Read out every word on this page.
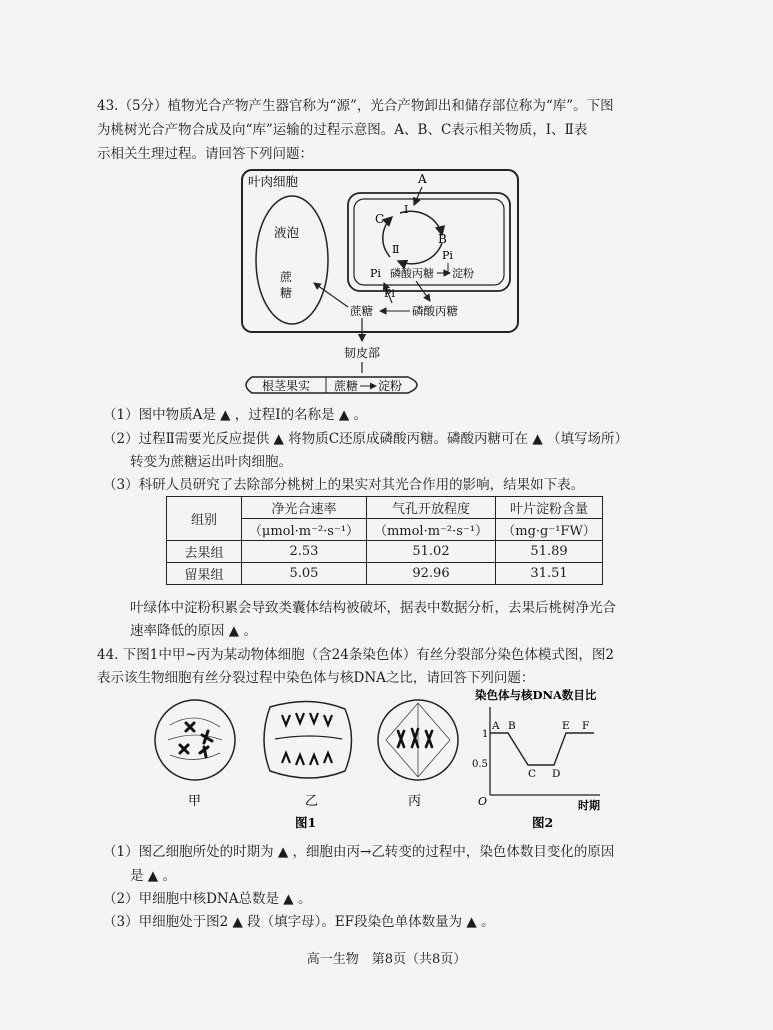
43.（5分）植物光合产物产生器官称为“源”，光合产物卸出和储存部位称为“库”。下图
为桃树光合产物合成及向“库”运输的过程示意图。A、B、C表示相关物质，Ⅰ、Ⅱ表
示相关生理过程。请回答下列问题：
叶肉细胞
液泡
蔗
糖
A
Ⅰ
C
B
Ⅱ	Pi
Pi 磷酸丙糖 淀粉
Pi
磷酸丙糖
蔗糖
韧皮部
根茎果实 蔗糖 淀粉
（1）图中物质A是 ▲ ，过程Ⅰ的名称是 ▲ 。
（2）过程Ⅱ需要光反应提供 ▲ 将物质C还原成磷酸丙糖。磷酸丙糖可在 ▲ （填写场所）
转变为蔗糖运出叶肉细胞。
（3）科研人员研究了去除部分桃树上的果实对其光合作用的影响，结果如下表。
组别	净光合速率	气孔开放程度	叶片淀粉含量
	（μmol·m⁻²·s⁻¹）	（mmol·m⁻²·s⁻¹）	（mg·g⁻¹FW）
去果组	2.53	51.02	51.89
留果组	5.05	92.96	31.51
叶绿体中淀粉积累会导致类囊体结构被破坏，据表中数据分析，去果后桃树净光合
速率降低的原因 ▲ 。
44. 下图1中甲~丙为某动物体细胞（含24条染色体）有丝分裂部分染色体模式图，图2
表示该生物细胞有丝分裂过程中染色体与核DNA之比，请回答下列问题：
甲	乙	丙
图1
染色体与核DNA数目比
1
0.5
O	时期
A B
C D
E F
图2
（1）图乙细胞所处的时期为 ▲ ，细胞由丙→乙转变的过程中，染色体数目变化的原因
是 ▲ 。
（2）甲细胞中核DNA总数是 ▲ 。
（3）甲细胞处于图2 ▲ 段（填字母）。EF段染色单体数量为 ▲ 。
高一生物　第8页（共8页）
